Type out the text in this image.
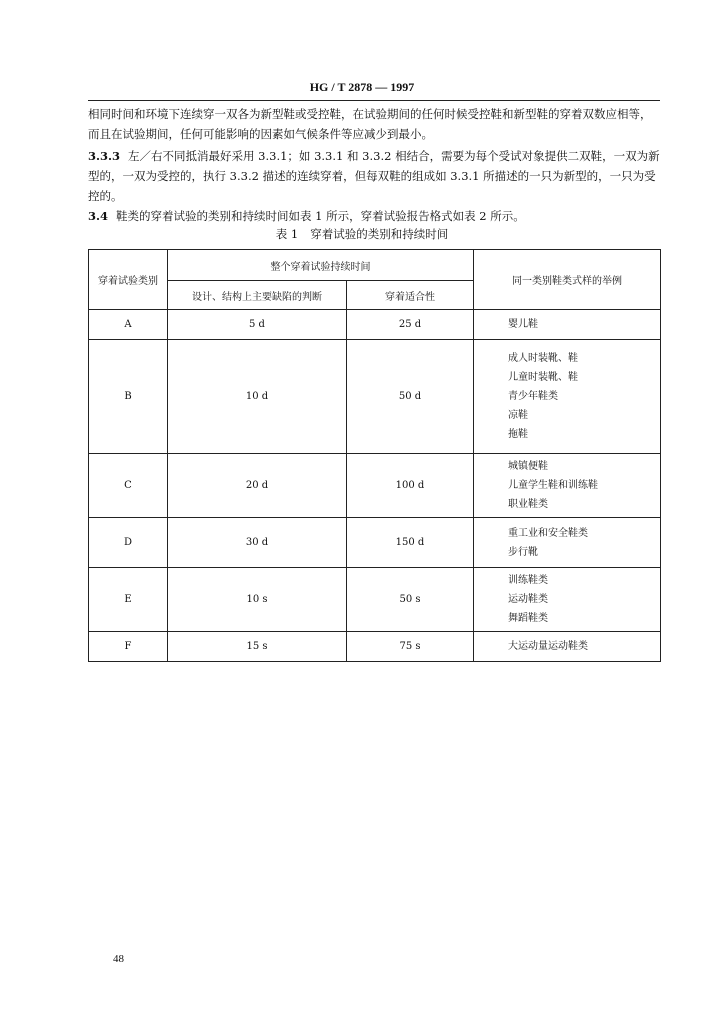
HG / T 2878 — 1997
相同时间和环境下连续穿一双各为新型鞋或受控鞋，在试验期间的任何时候受控鞋和新型鞋的穿着双数应相等，而且在试验期间，任何可能影响的因素如气候条件等应减少到最小。
3.3.3 左／右不同抵消最好采用 3.3.1；如 3.3.1 和 3.3.2 相结合，需要为每个受试对象提供二双鞋，一双为新型的，一双为受控的，执行 3.3.2 描述的连续穿着，但每双鞋的组成如 3.3.1 所描述的一只为新型的，一只为受控的。
3.4 鞋类的穿着试验的类别和持续时间如表 1 所示，穿着试验报告格式如表 2 所示。
表 1 穿着试验的类别和持续时间
穿着试验类别	整个穿着试验持续时间		同一类别鞋类式样的举例
	设计、结构上主要缺陷的判断	穿着适合性	
A	5 d	25 d	婴儿鞋

B	10 d	50 d	成人时装靴、鞋
儿童时装靴、鞋
青少年鞋类
凉鞋
拖鞋

C	20 d	100 d	城镇便鞋
儿童学生鞋和训练鞋
职业鞋类

D	30 d	150 d	重工业和安全鞋类
步行靴

E	10 s	50 s	训练鞋类
运动鞋类
舞蹈鞋类

F	15 s	75 s	大运动量运动鞋类
48
